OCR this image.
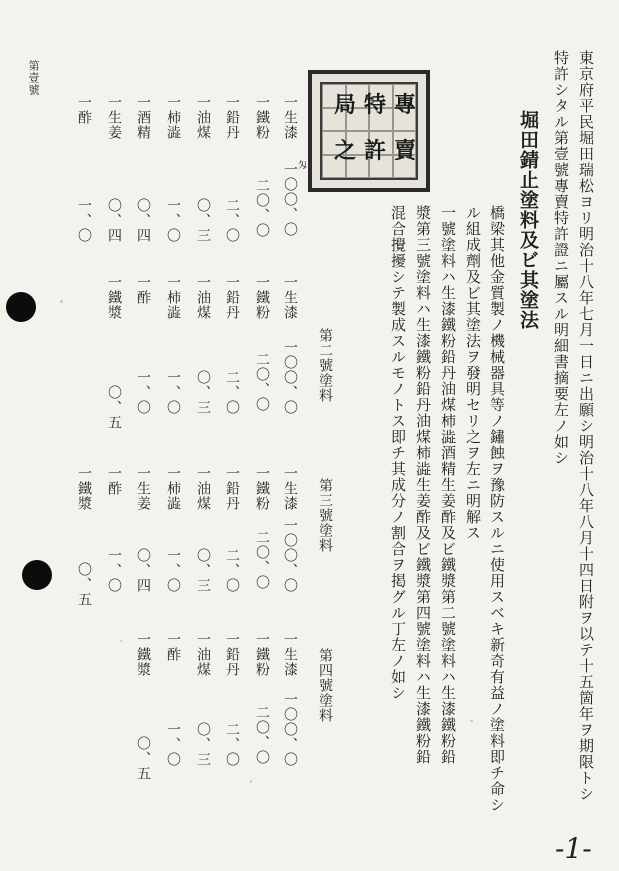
第壹號	東京府平民堀田瑞松ヨリ明治十八年七月一日ニ出願シ明治十八年八月十四日附ヲ以テ十五箇年ヲ期限トシ
特許シタル第壹號專賣特許證ニ屬スル明細書摘要左ノ如シ
堀田錆止塗料及ビ其塗法
橋梁其他金質製ノ機械器具等ノ鏽蝕ヲ豫防スルニ使用スベキ新奇有益ノ塗料即チ命シ
ル組成劑及ビ其塗法ヲ發明セリ之ヲ左ニ明解ス
一號塗料ハ生漆鐵粉鉛丹油煤柿澁酒精生姜酢及ビ鐵漿第二號塗料ハ生漆鐵粉鉛
漿第三號塗料ハ生漆鐵粉鉛丹油煤柿澁生姜酢及ビ鐵漿第四號塗料ハ生漆鐵粉鉛
混合攪擾シテ製成スルモノトス即チ其成分ノ割合ヲ掲グル丁左ノ如シ
專
賣
特
許
局
之
一生漆
一〇〇、〇
匁
一鐵粉
二〇、〇
一鉛丹
二、〇
一油煤
〇、三
一柿澁
一、〇
一酒精
〇、四
一生姜
〇、四
一酢
一、〇
第二號塗料
一生漆
一〇〇、〇
一鐵粉
二〇、〇
一鉛丹
二、〇
一油煤
〇、三
一柿澁
一、〇
一酢
一、〇
一鐵漿
〇、五
第三號塗料
一生漆
一〇〇、〇
一鐵粉
二〇、〇
一鉛丹
二、〇
一油煤
〇、三
一柿澁
一、〇
一生姜
〇、四
一酢
一、〇
一鐵漿
〇、五
第四號塗料
一生漆
一〇〇、〇
一鐵粉
二〇、〇
一鉛丹
二、〇
一油煤
〇、三
一酢
一、〇
一鐵漿
〇、五
-1-
